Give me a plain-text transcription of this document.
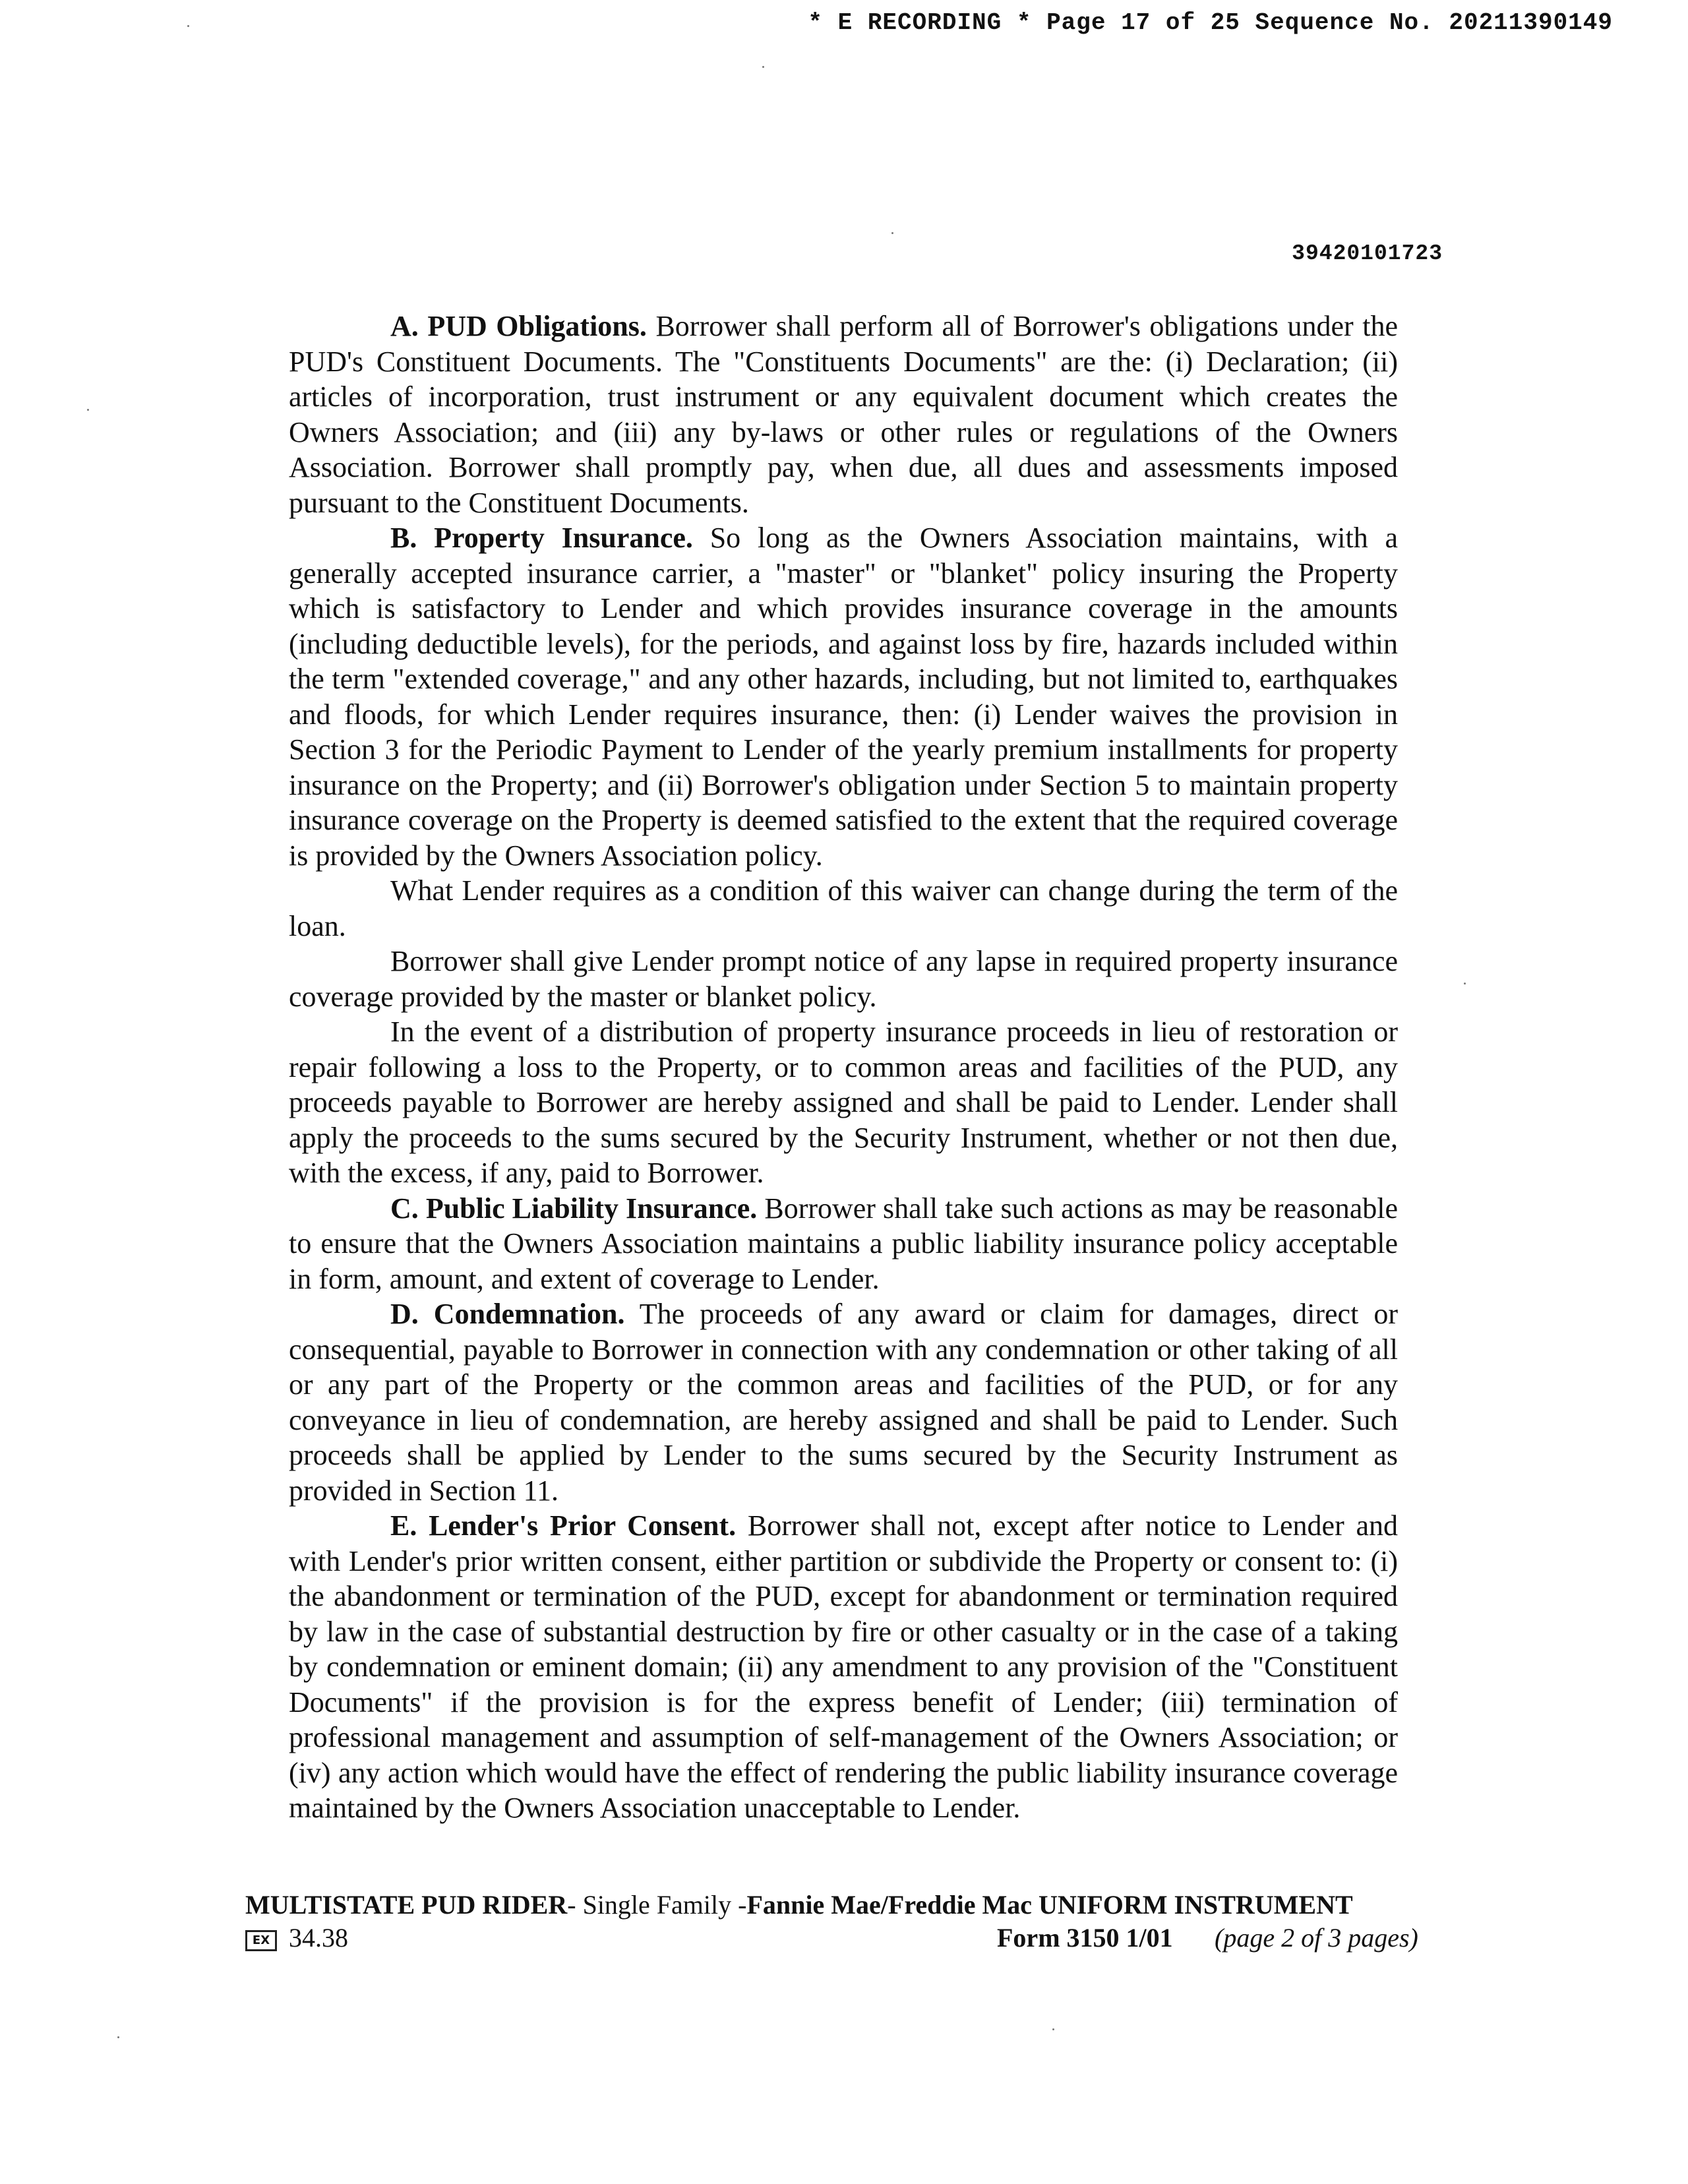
* E RECORDING * Page 17 of 25 Sequence No. 20211390149
39420101723

A. PUD Obligations. Borrower shall perform all of Borrower's obligations under the PUD's Constituent Documents. The "Constituents Documents" are the: (i) Declaration; (ii) articles of incorporation, trust instrument or any equivalent document which creates the Owners Association; and (iii) any by-laws or other rules or regulations of the Owners Association. Borrower shall promptly pay, when due, all dues and assessments imposed pursuant to the Constituent Documents.

B. Property Insurance. So long as the Owners Association maintains, with a generally accepted insurance carrier, a "master" or "blanket" policy insuring the Property which is satisfactory to Lender and which provides insurance coverage in the amounts (including deductible levels), for the periods, and against loss by fire, hazards included within the term "extended coverage," and any other hazards, including, but not limited to, earthquakes and floods, for which Lender requires insurance, then: (i) Lender waives the provision in Section 3 for the Periodic Payment to Lender of the yearly premium installments for property insurance on the Property; and (ii) Borrower's obligation under Section 5 to maintain property insurance coverage on the Property is deemed satisfied to the extent that the required coverage is provided by the Owners Association policy.

What Lender requires as a condition of this waiver can change during the term of the loan.

Borrower shall give Lender prompt notice of any lapse in required property insurance coverage provided by the master or blanket policy.

In the event of a distribution of property insurance proceeds in lieu of restoration or repair following a loss to the Property, or to common areas and facilities of the PUD, any proceeds payable to Borrower are hereby assigned and shall be paid to Lender. Lender shall apply the proceeds to the sums secured by the Security Instrument, whether or not then due, with the excess, if any, paid to Borrower.

C. Public Liability Insurance. Borrower shall take such actions as may be reasonable to ensure that the Owners Association maintains a public liability insurance policy acceptable in form, amount, and extent of coverage to Lender.

D. Condemnation. The proceeds of any award or claim for damages, direct or consequential, payable to Borrower in connection with any condemnation or other taking of all or any part of the Property or the common areas and facilities of the PUD, or for any conveyance in lieu of condemnation, are hereby assigned and shall be paid to Lender. Such proceeds shall be applied by Lender to the sums secured by the Security Instrument as provided in Section 11.

E. Lender's Prior Consent. Borrower shall not, except after notice to Lender and with Lender's prior written consent, either partition or subdivide the Property or consent to: (i) the abandonment or termination of the PUD, except for abandonment or termination required by law in the case of substantial destruction by fire or other casualty or in the case of a taking by condemnation or eminent domain; (ii) any amendment to any provision of the "Constituent Documents" if the provision is for the express benefit of Lender; (iii) termination of professional management and assumption of self-management of the Owners Association; or (iv) any action which would have the effect of rendering the public liability insurance coverage maintained by the Owners Association unacceptable to Lender.

MULTISTATE PUD RIDER- Single Family -Fannie Mae/Freddie Mac UNIFORM INSTRUMENT
EX 34.38	Form 3150 1/01 (page 2 of 3 pages)
